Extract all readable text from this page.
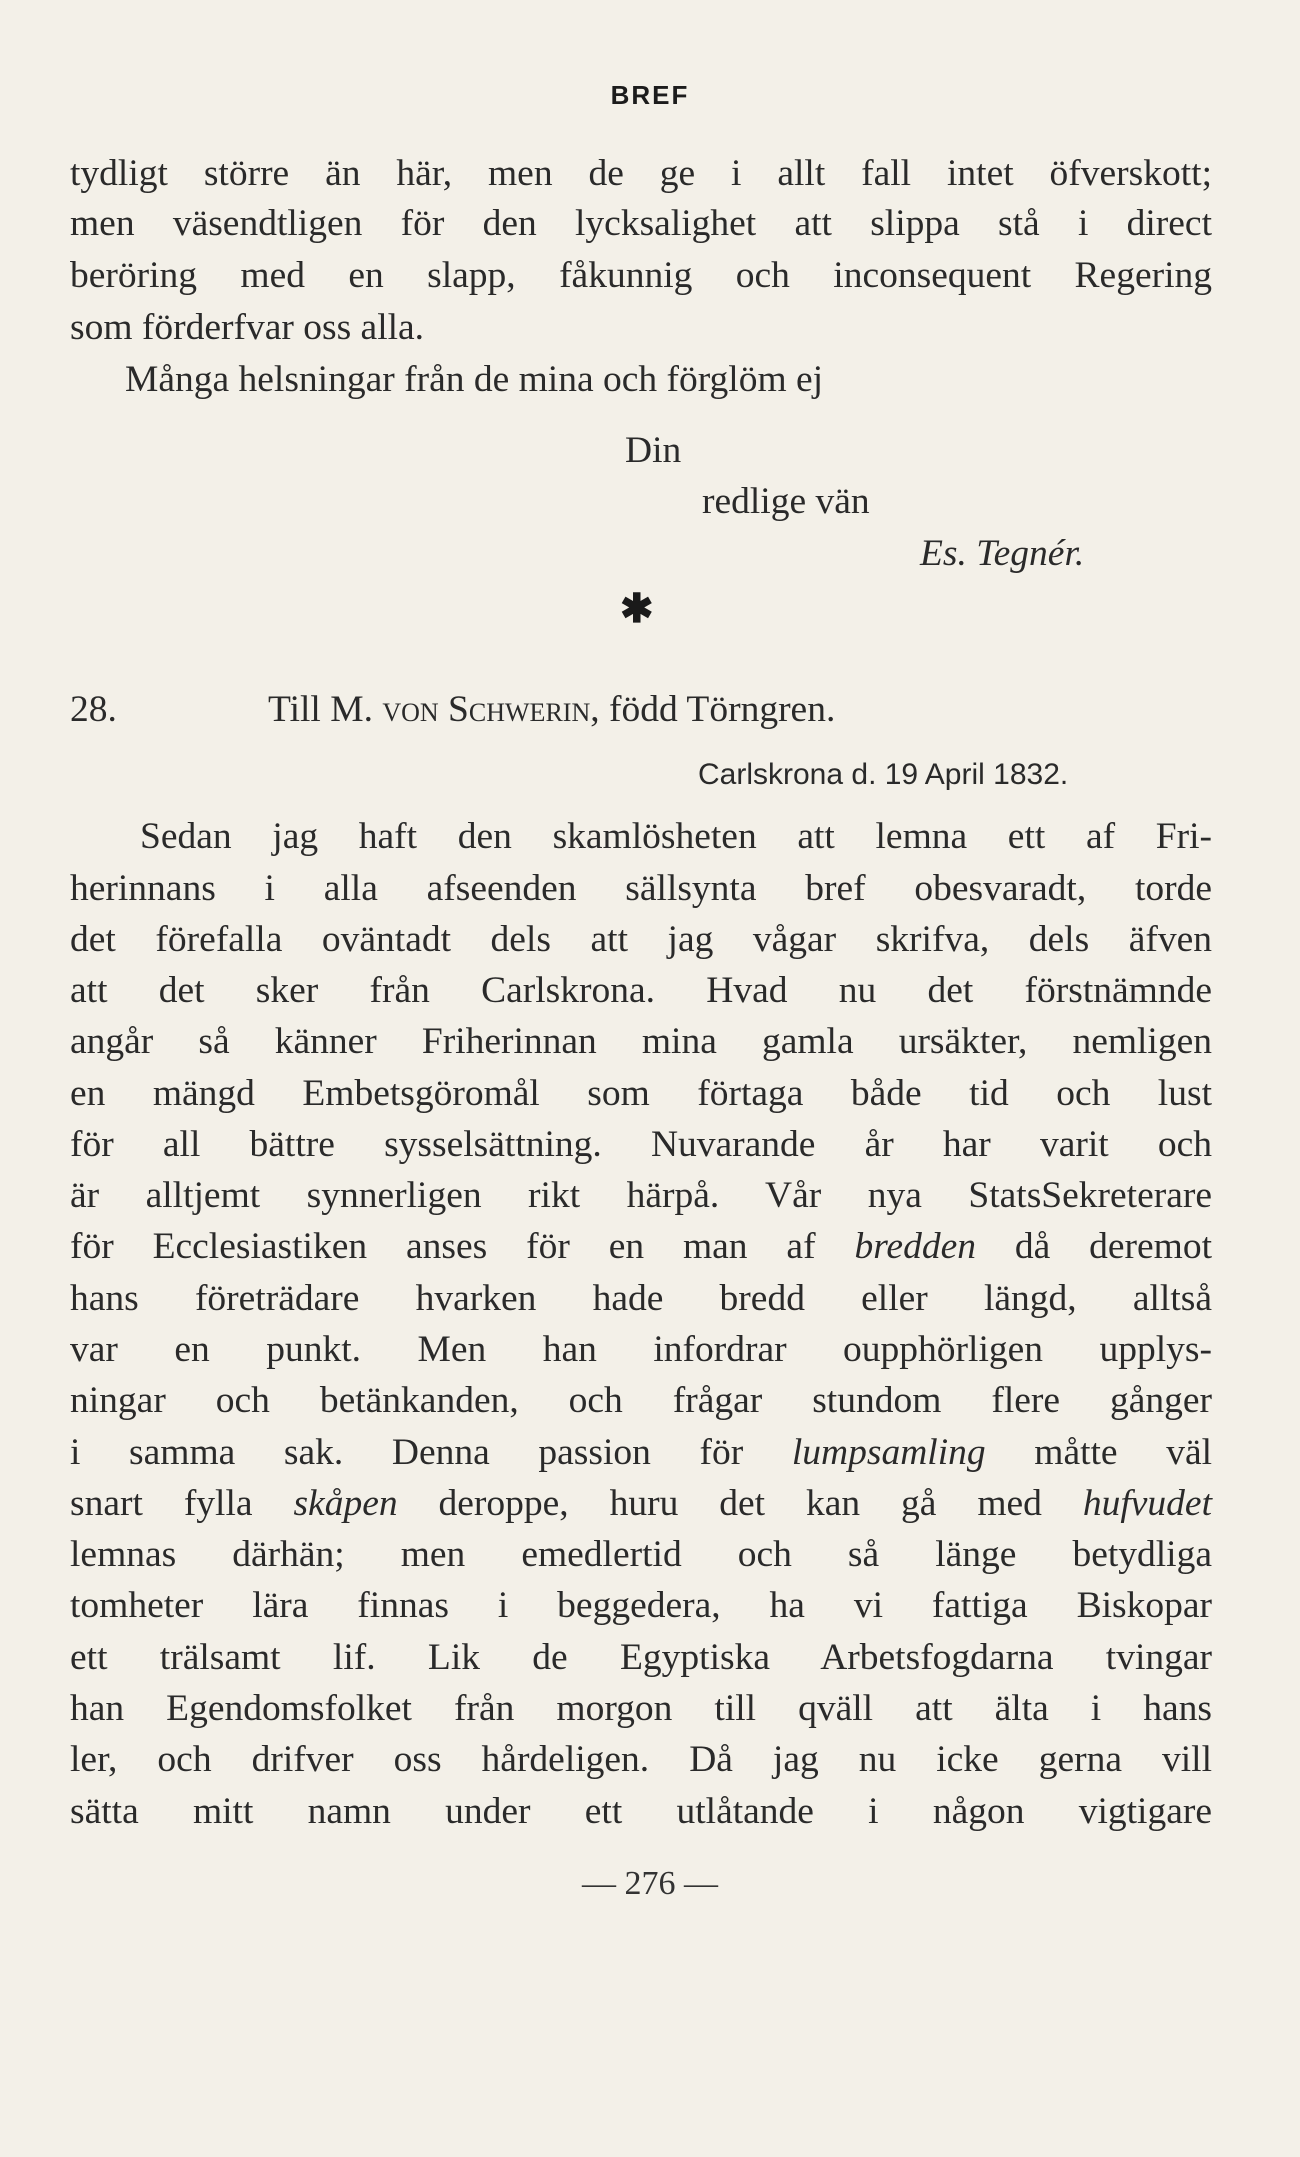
BREF
tydligt större än här, men de ge i allt fall intet öfverskott;
men väsendtligen för den lycksalighet att slippa stå i direct
beröring med en slapp, fåkunnig och inconsequent Regering
som förderfvar oss alla.
Många helsningar från de mina och förglöm ej
Din
redlige vän
Es. Tegnér.
✱
28.	Till M. von Schwerin, född Törngren.
Carlskrona d. 19 April 1832.
Sedan jag haft den skamlösheten att lemna ett af Fri-
herinnans i alla afseenden sällsynta bref obesvaradt, torde
det förefalla oväntadt dels att jag vågar skrifva, dels äfven
att det sker från Carlskrona. Hvad nu det förstnämnde
angår så känner Friherinnan mina gamla ursäkter, nemligen
en mängd Embetsgöromål som förtaga både tid och lust
för all bättre sysselsättning. Nuvarande år har varit och
är alltjemt synnerligen rikt härpå. Vår nya StatsSekreterare
för Ecclesiastiken anses för en man af bredden då deremot
hans företrädare hvarken hade bredd eller längd, alltså
var en punkt. Men han infordrar oupphörligen upplys-
ningar och betänkanden, och frågar stundom flere gånger
i samma sak. Denna passion för lumpsamling måtte väl
snart fylla skåpen deroppe, huru det kan gå med hufvudet
lemnas därhän; men emedlertid och så länge betydliga
tomheter lära finnas i beggedera, ha vi fattiga Biskopar
ett trälsamt lif. Lik de Egyptiska Arbetsfogdarna tvingar
han Egendomsfolket från morgon till qväll att älta i hans
ler, och drifver oss hårdeligen. Då jag nu icke gerna vill
sätta mitt namn under ett utlåtande i någon vigtigare
— 276 —
